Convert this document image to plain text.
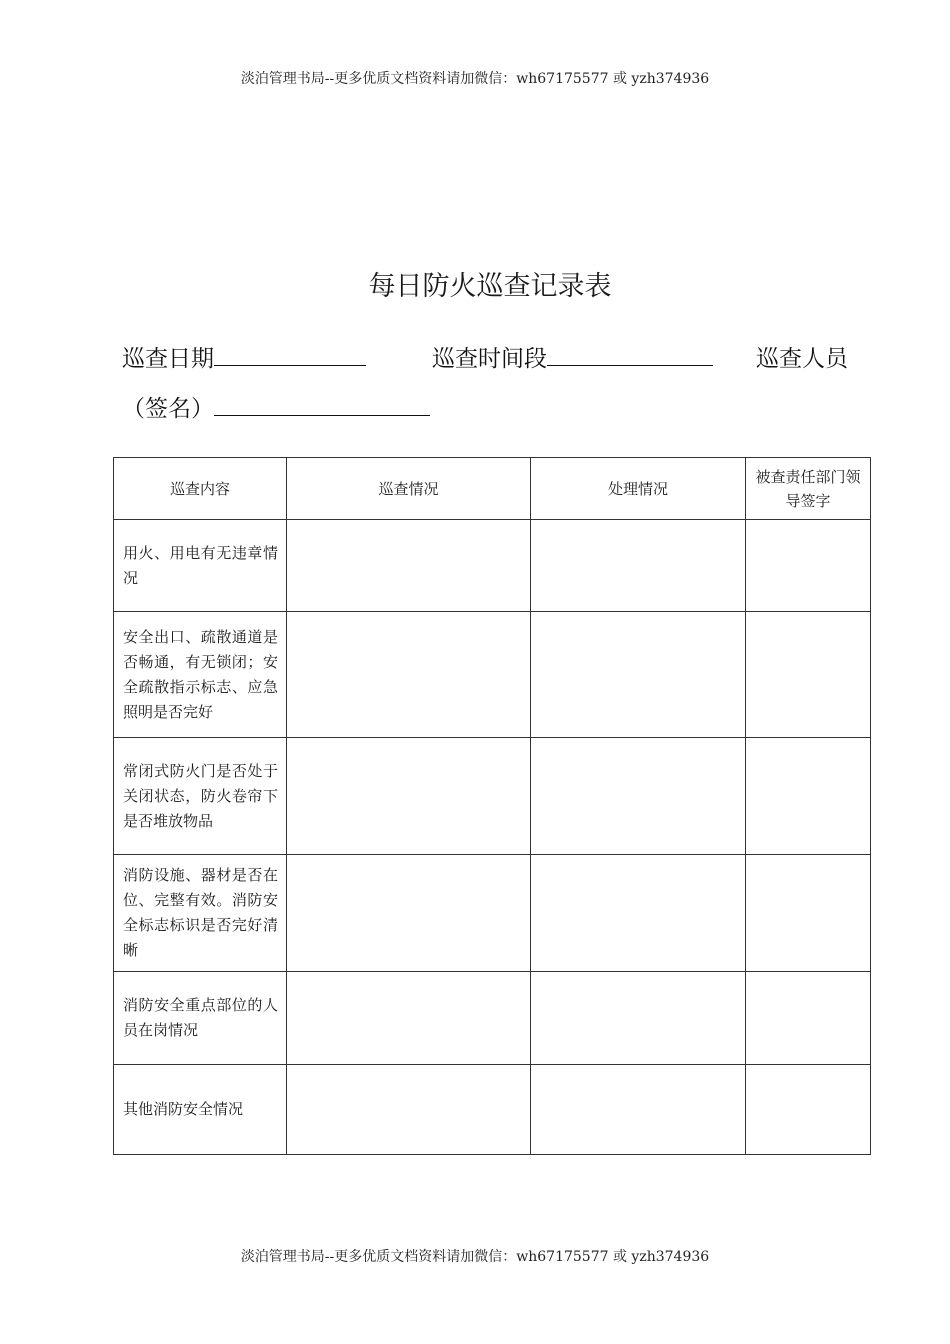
淡泊管理书局--更多优质文档资料请加微信：wh67175577 或 yzh374936
每日防火巡查记录表
巡查日期	巡查时间段	巡查人员
（签名）
巡查内容	巡查情况	处理情况	被查责任部门领导签字
用火、用电有无违章情况			
安全出口、疏散通道是否畅通，有无锁闭；安全疏散指示标志、应急照明是否完好			
常闭式防火门是否处于关闭状态，防火卷帘下是否堆放物品			
消防设施、器材是否在位、完整有效。消防安全标志标识是否完好清晰			
消防安全重点部位的人员在岗情况			
其他消防安全情况			
淡泊管理书局--更多优质文档资料请加微信：wh67175577 或 yzh374936
